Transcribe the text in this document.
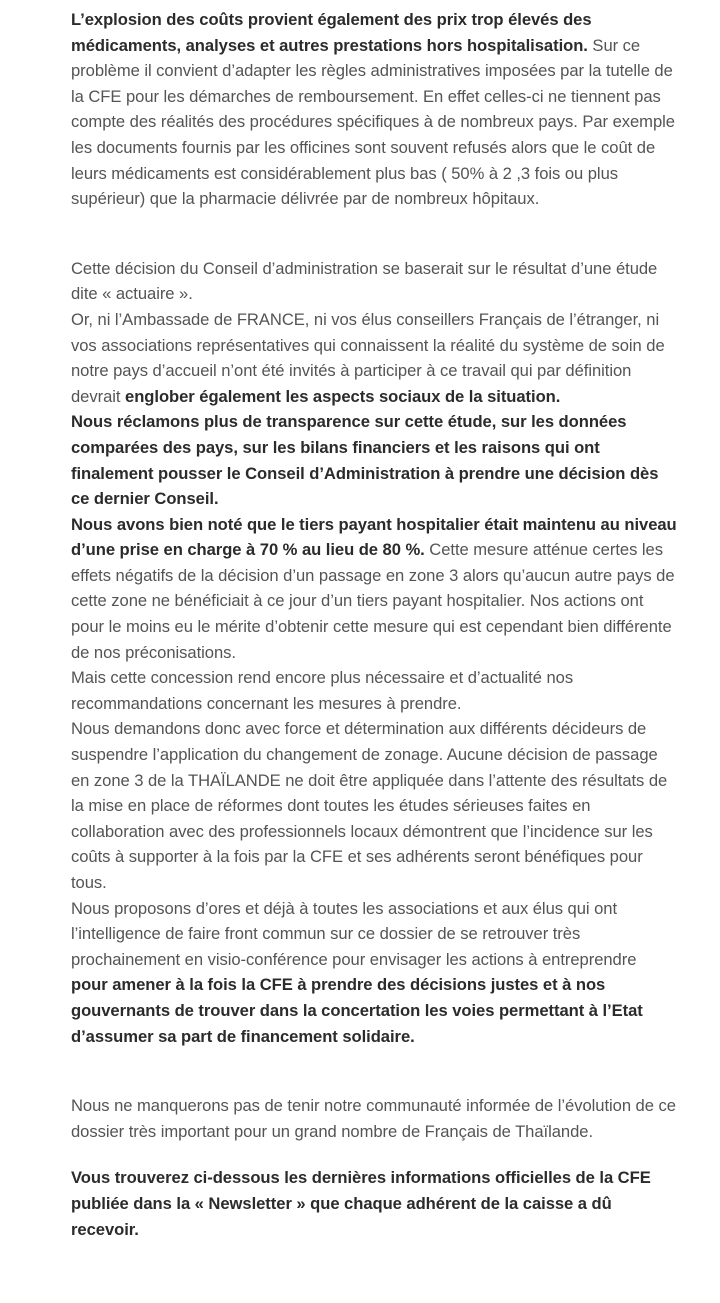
L’explosion des coûts provient également des prix trop élevés des médicaments, analyses et autres prestations hors hospitalisation. Sur ce problème il convient d’adapter les règles administratives imposées par la tutelle de la CFE pour les démarches de remboursement. En effet celles-ci ne tiennent pas compte des réalités des procédures spécifiques à de nombreux pays. Par exemple les documents fournis par les officines sont souvent refusés alors que le coût de leurs médicaments est considérablement plus bas ( 50% à 2 ,3 fois ou plus supérieur) que la pharmacie délivrée par de nombreux hôpitaux.

Cette décision du Conseil d’administration se baserait sur le résultat d’une étude dite « actuaire ».

Or, ni l’Ambassade de FRANCE, ni vos élus conseillers Français de l’étranger, ni vos associations représentatives qui connaissent la réalité du système de soin de notre pays d’accueil n’ont été invités à participer à ce travail qui par définition devrait englober également les aspects sociaux de la situation.

Nous réclamons plus de transparence sur cette étude, sur les données comparées des pays, sur les bilans financiers et les raisons qui ont finalement pousser le Conseil d’Administration à prendre une décision dès ce dernier Conseil.

Nous avons bien noté que le tiers payant hospitalier était maintenu au niveau d’une prise en charge à 70 % au lieu de 80 %. Cette mesure atténue certes les effets négatifs de la décision d’un passage en zone 3 alors qu’aucun autre pays de cette zone ne bénéficiait à ce jour d’un tiers payant hospitalier. Nos actions ont pour le moins eu le mérite d’obtenir cette mesure qui est cependant bien différente de nos préconisations.

Mais cette concession rend encore plus nécessaire et d’actualité nos recommandations concernant les mesures à prendre.

Nous demandons donc avec force et détermination aux différents décideurs de suspendre l’application du changement de zonage. Aucune décision de passage en zone 3 de la THAÏLANDE ne doit être appliquée dans l’attente des résultats de la mise en place de réformes dont toutes les études sérieuses faites en collaboration avec des professionnels locaux démontrent que l’incidence sur les coûts à supporter à la fois par la CFE et ses adhérents seront bénéfiques pour tous.

Nous proposons d’ores et déjà à toutes les associations et aux élus qui ont l’intelligence de faire front commun sur ce dossier de se retrouver très prochainement en visio-conférence pour envisager les actions à entreprendre pour amener à la fois la CFE à prendre des décisions justes et à nos gouvernants de trouver dans la concertation les voies permettant à l’Etat d’assumer sa part de financement solidaire.

Nous ne manquerons pas de tenir notre communauté informée de l’évolution de ce dossier très important pour un grand nombre de Français de Thaïlande.

Vous trouverez ci-dessous les dernières informations officielles de la CFE publiée dans la « Newsletter » que chaque adhérent de la caisse a dû recevoir.
